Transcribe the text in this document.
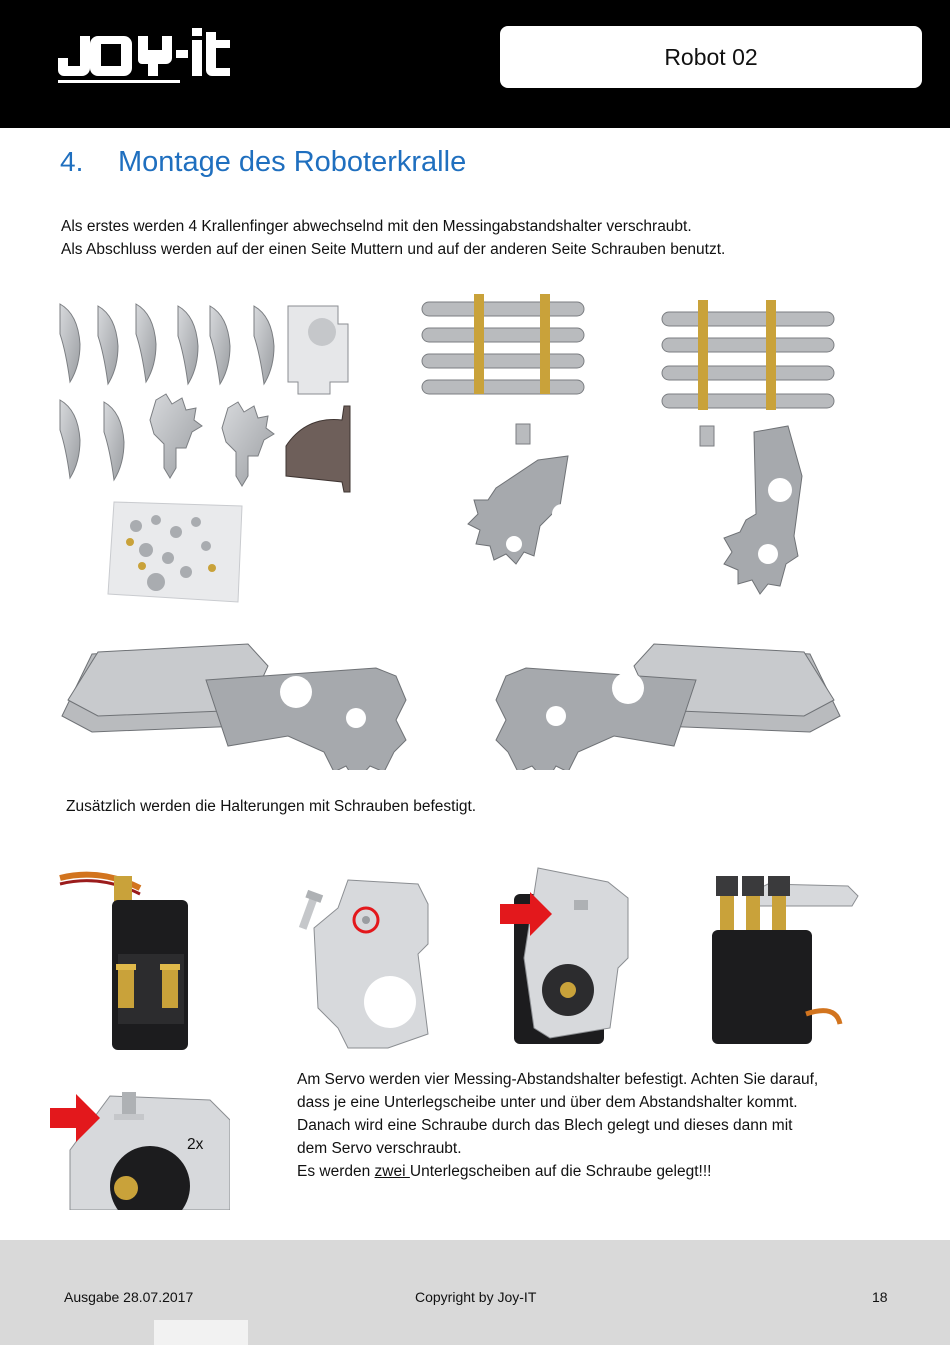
Robot 02
4.	Montage des Roboterkralle
Als erstes werden 4 Krallenfinger abwechselnd mit den Messingabstandshalter verschraubt.
Als Abschluss werden auf der einen Seite Muttern und auf der anderen Seite Schrauben benutzt.
Zusätzlich werden die Halterungen mit Schrauben befestigt.
2x
Am Servo werden vier Messing-Abstandshalter befestigt. Achten Sie darauf,
dass je eine Unterlegscheibe unter und über dem Abstandshalter kommt.
Danach wird eine Schraube durch das Blech gelegt und dieses dann mit
dem Servo verschraubt.
Es werden zwei Unterlegscheiben auf die Schraube gelegt!!!
Ausgabe 28.07.2017	Copyright by Joy-IT	18
